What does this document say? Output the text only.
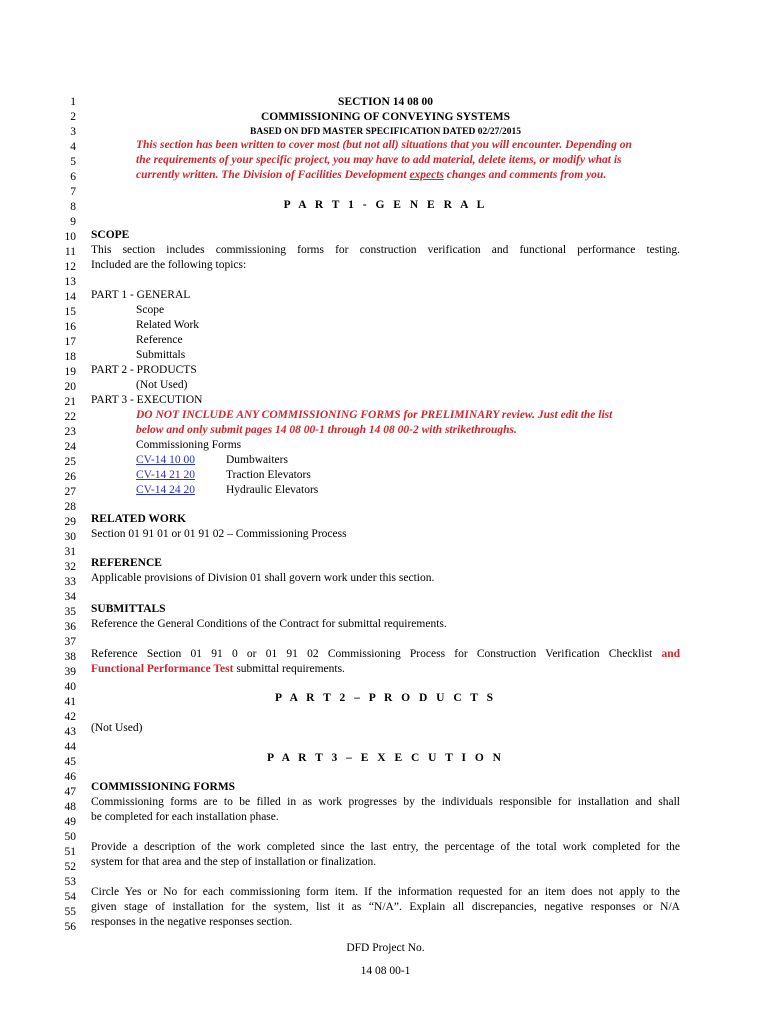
1
2
3
4
5
6
7
8
9
10
11
12
13
14
15
16
17
18
19
20
21
22
23
24
25
26
27
28
29
30
31
32
33
34
35
36
37
38
39
40
41
42
43
44
45
46
47
48
49
50
51
52
53
54
55
56
SECTION 14 08 00
COMMISSIONING OF CONVEYING SYSTEMS
BASED ON DFD MASTER SPECIFICATION DATED 02/27/2015
This section has been written to cover most (but not all) situations that you will encounter. Depending on
the requirements of your specific project, you may have to add material, delete items, or modify what is
currently written. The Division of Facilities Development expects changes and comments from you.
P A R T 1 - G E N E R A L
SCOPE
This section includes commissioning forms for construction verification and functional performance testing.
Included are the following topics:
PART 1 - GENERAL
Scope
Related Work
Reference
Submittals
PART 2 - PRODUCTS
(Not Used)
PART 3 - EXECUTION
DO NOT INCLUDE ANY COMMISSIONING FORMS for PRELIMINARY review. Just edit the list
below and only submit pages 14 08 00-1 through 14 08 00-2 with strikethroughs.
Commissioning Forms
CV-14 10 00	Dumbwaiters
CV-14 21 20	Traction Elevators
CV-14 24 20	Hydraulic Elevators
RELATED WORK
Section 01 91 01 or 01 91 02 – Commissioning Process
REFERENCE
Applicable provisions of Division 01 shall govern work under this section.
SUBMITTALS
Reference the General Conditions of the Contract for submittal requirements.
Reference Section 01 91 0 or 01 91 02 Commissioning Process for Construction Verification Checklist and
Functional Performance Test submittal requirements.
P A R T 2 – P R O D U C T S
(Not Used)
P A R T 3 – E X E C U T I O N
COMMISSIONING FORMS
Commissioning forms are to be filled in as work progresses by the individuals responsible for installation and shall
be completed for each installation phase.
Provide a description of the work completed since the last entry, the percentage of the total work completed for the
system for that area and the step of installation or finalization.
Circle Yes or No for each commissioning form item. If the information requested for an item does not apply to the
given stage of installation for the system, list it as “N/A”. Explain all discrepancies, negative responses or N/A
responses in the negative responses section.
DFD Project No.
14 08 00-1
